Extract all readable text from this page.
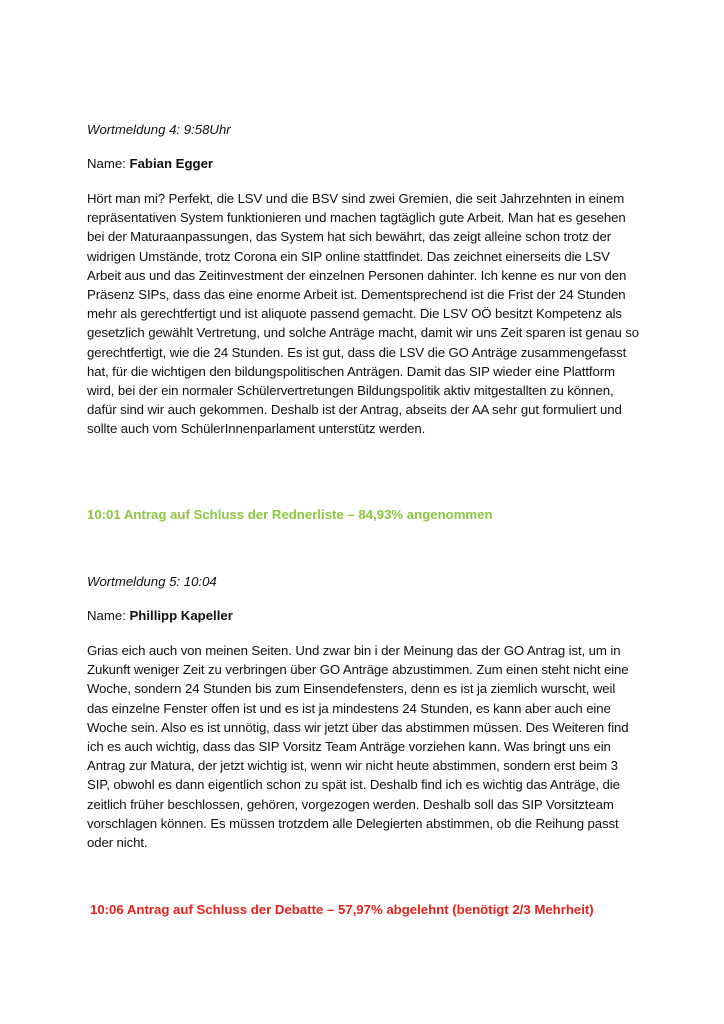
Wortmeldung 4: 9:58Uhr
Name: Fabian Egger
Hört man mi? Perfekt, die LSV und die BSV sind zwei Gremien, die seit Jahrzehnten in einem repräsentativen System funktionieren und machen tagtäglich gute Arbeit. Man hat es gesehen bei der Maturaanpassungen, das System hat sich bewährt, das zeigt alleine schon trotz der widrigen Umstände, trotz Corona ein SIP online stattfindet. Das zeichnet einerseits die LSV Arbeit aus und das Zeitinvestment der einzelnen Personen dahinter. Ich kenne es nur von den Präsenz SIPs, dass das eine enorme Arbeit ist. Dementsprechend ist die Frist der 24 Stunden mehr als gerechtfertigt und ist aliquote passend gemacht. Die LSV OÖ besitzt Kompetenz als gesetzlich gewählt Vertretung, und solche Anträge macht, damit wir uns Zeit sparen ist genau so gerechtfertigt, wie die 24 Stunden. Es ist gut, dass die LSV die GO Anträge zusammengefasst hat, für die wichtigen den bildungspolitischen Anträgen. Damit das SIP wieder eine Plattform wird, bei der ein normaler Schülervertretungen Bildungspolitik aktiv mitgestallten zu können, dafür sind wir auch gekommen. Deshalb ist der Antrag, abseits der AA sehr gut formuliert und sollte auch vom SchülerInnenparlament unterstütz werden.
10:01 Antrag auf Schluss der Rednerliste – 84,93% angenommen
Wortmeldung 5: 10:04
Name: Phillipp Kapeller
Grias eich auch von meinen Seiten. Und zwar bin i der Meinung das der GO Antrag ist, um in Zukunft weniger Zeit zu verbringen über GO Anträge abzustimmen. Zum einen steht nicht eine Woche, sondern 24 Stunden bis zum Einsendefensters, denn es ist ja ziemlich wurscht, weil das einzelne Fenster offen ist und es ist ja mindestens 24 Stunden, es kann aber auch eine Woche sein. Also es ist unnötig, dass wir jetzt über das abstimmen müssen. Des Weiteren find ich es auch wichtig, dass das SIP Vorsitz Team Anträge vorziehen kann. Was bringt uns ein Antrag zur Matura, der jetzt wichtig ist, wenn wir nicht heute abstimmen, sondern erst beim 3 SIP, obwohl es dann eigentlich schon zu spät ist. Deshalb find ich es wichtig das Anträge, die zeitlich früher beschlossen, gehören, vorgezogen werden. Deshalb soll das SIP Vorsitzteam vorschlagen können. Es müssen trotzdem alle Delegierten abstimmen, ob die Reihung passt oder nicht.
10:06 Antrag auf Schluss der Debatte – 57,97% abgelehnt (benötigt 2/3 Mehrheit)
